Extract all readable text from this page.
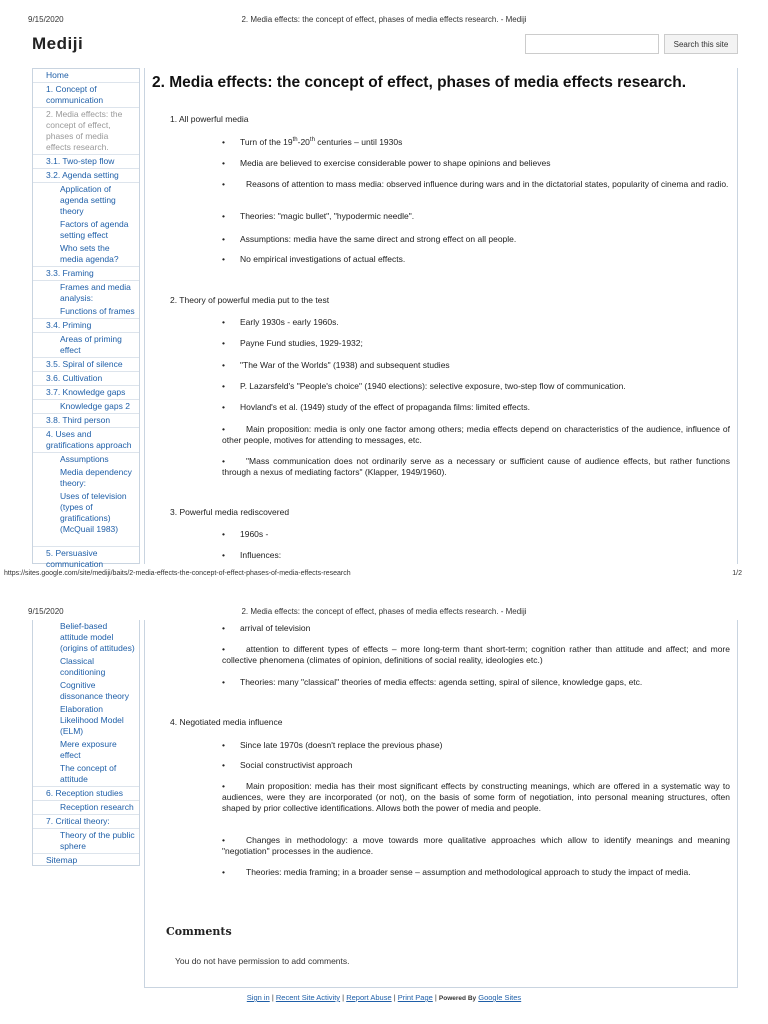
9/15/2020	2. Media effects: the concept of effect, phases of media effects research. - Mediji
Mediji	Search this site
Home
1. Concept of communication
2. Media effects: the concept of effect, phases of media effects research.
3.1. Two-step flow
3.2. Agenda setting
Application of agenda setting theory
Factors of agenda setting effect
Who sets the media agenda?
3.3. Framing
Frames and media analysis:
Functions of frames
3.4. Priming
Areas of priming effect
3.5. Spiral of silence
3.6. Cultivation
3.7. Knowledge gaps
Knowledge gaps 2
3.8. Third person
4. Uses and gratifications approach
Assumptions
Media dependency theory:
Uses of television (types of gratifications) (McQuail 1983)
5. Persuasive communication
2. Media effects: the concept of effect, phases of media effects research.
1. All powerful media
• Turn of the 19th-20th centuries – until 1930s
• Media are believed to exercise considerable power to shape opinions and believes
• Reasons of attention to mass media: observed influence during wars and in the dictatorial states, popularity of cinema and radio.
• Theories: "magic bullet", "hypodermic needle".
• Assumptions: media have the same direct and strong effect on all people.
• No empirical investigations of actual effects.
2. Theory of powerful media put to the test
• Early 1930s - early 1960s.
• Payne Fund studies, 1929-1932;
• "The War of the Worlds" (1938) and subsequent studies
• P. Lazarsfeld's "People's choice" (1940 elections): selective exposure, two-step flow of communication.
• Hovland's et al. (1949) study of the effect of propaganda films: limited effects.
• Main proposition: media is only one factor among others; media effects depend on characteristics of the audience, influence of other people, motives for attending to messages, etc.
• "Mass communication does not ordinarily serve as a necessary or sufficient cause of audience effects, but rather functions through a nexus of mediating factors" (Klapper, 1949/1960).
3. Powerful media rediscovered
• 1960s -
• Influences:
https://sites.google.com/site/mediji/baits/2-media-effects-the-concept-of-effect-phases-of-media-effects-research	1/2
9/15/2020	2. Media effects: the concept of effect, phases of media effects research. - Mediji
Belief-based attitude model (origins of attitudes)
Classical conditioning
Cognitive dissonance theory
Elaboration Likelihood Model (ELM)
Mere exposure effect
The concept of attitude
6. Reception studies
Reception research
7. Critical theory:
Theory of the public sphere
Sitemap
• arrival of television
• attention to different types of effects – more long-term thant short-term; cognition rather than attitude and affect; and more collective phenomena (climates of opinion, definitions of social reality, ideologies etc.)
• Theories: many "classical" theories of media effects: agenda setting, spiral of silence, knowledge gaps, etc.
4. Negotiated media influence
• Since late 1970s (doesn't replace the previous phase)
• Social constructivist approach
• Main proposition: media has their most significant effects by constructing meanings, which are offered in a systematic way to audiences, were they are incorporated (or not), on the basis of some form of negotiation, into personal meaning structures, often shaped by prior collective identifications. Allows both the power of media and people.
• Changes in methodology: a move towards more qualitative approaches which allow to identify meanings and meaning "negotiation" processes in the audience.
• Theories: media framing; in a broader sense – assumption and methodological approach to study the impact of media.
Comments
You do not have permission to add comments.
Sign in | Recent Site Activity | Report Abuse | Print Page | Powered By Google Sites
